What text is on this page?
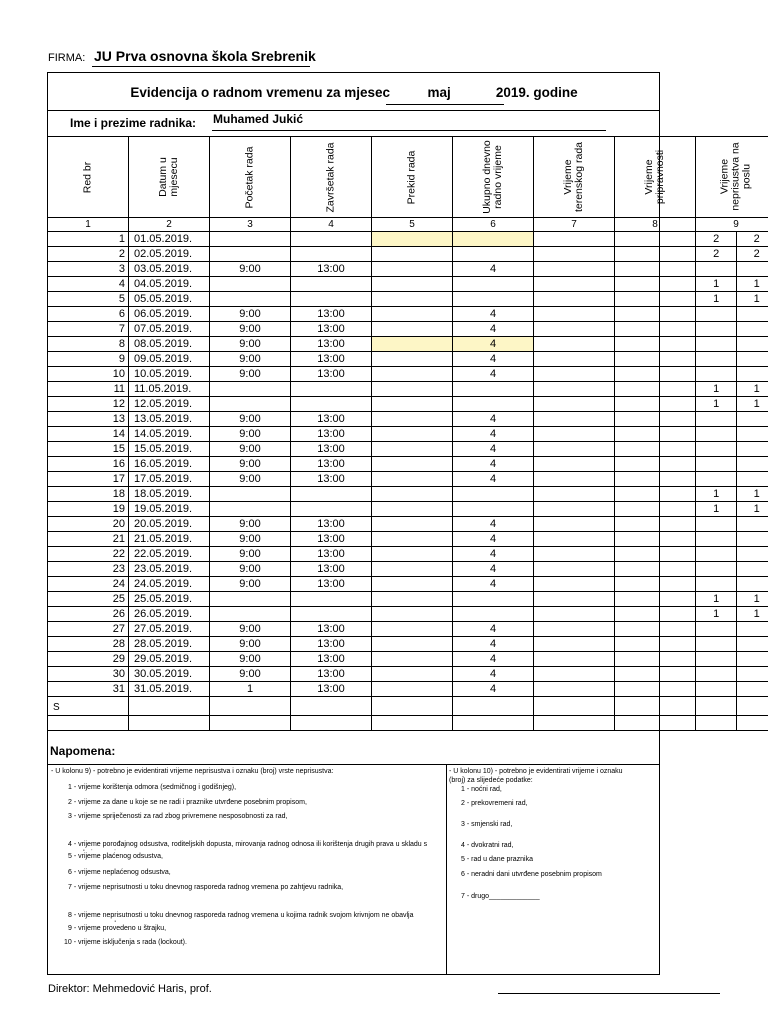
FIRMA: JU Prva osnovna škola Srebrenik
Evidencija o radnom vremenu za mjesec	maj	2019. godine
Ime i prezime radnika: Muhamed Jukić
Red br	Datum u mjesecu	Početak rada	Završetak rada	Prekid rada	Ukupno dnevno radno vrijeme	Vrijeme terenskog rada	Vrijeme pripravnosti	Vrijeme neprisustva na poslu		
1	2	3	4	5	6	7	8	9		
1	01.05.2019.							2	2			
2	02.05.2019.							2	2			
3	03.05.2019.	9:00	13:00		4							
4	04.05.2019.							1	1			
5	05.05.2019.							1	1			
6	06.05.2019.	9:00	13:00		4							
7	07.05.2019.	9:00	13:00		4							
8	08.05.2019.	9:00	13:00		4							
9	09.05.2019.	9:00	13:00		4							
10	10.05.2019.	9:00	13:00		4							
11	11.05.2019.							1	1			
12	12.05.2019.							1	1			
13	13.05.2019.	9:00	13:00		4							
14	14.05.2019.	9:00	13:00		4							
15	15.05.2019.	9:00	13:00		4							
16	16.05.2019.	9:00	13:00		4							
17	17.05.2019.	9:00	13:00		4							
18	18.05.2019.							1	1			
19	19.05.2019.							1	1			
20	20.05.2019.	9:00	13:00		4							
21	21.05.2019.	9:00	13:00		4							
22	22.05.2019.	9:00	13:00		4							
23	23.05.2019.	9:00	13:00		4							
24	24.05.2019.	9:00	13:00		4							
25	25.05.2019.							1	1			
26	26.05.2019.							1	1			
27	27.05.2019.	9:00	13:00		4							
28	28.05.2019.	9:00	13:00		4							
29	29.05.2019.	9:00	13:00		4							
30	30.05.2019.	9:00	13:00		4							
31	31.05.2019.	1	13:00		4							
S												

Napomena:
- U kolonu 9) - potrebno je evidentirati vrijeme neprisustva i oznaku (broj) vrste neprisustva:
1 - vrijeme korištenja odmora (sedmičnog i godišnjeg),
2 - vrijeme za dane u koje se ne radi i praznike utvrđene posebnim propisom,
3 - vrijeme spriječenosti za rad zbog privremene nesposobnosti za rad,
4 - vrijeme porođajnog odsustva, roditeljskih dopusta, mirovanja radnog odnosa ili korištenja drugih prava u skladu s
5 - vrijeme plaćenog odsustva,
6 - vrijeme neplaćenog odsustva,
7 - vrijeme neprisutnosti u toku dnevnog rasporeda radnog vremena po zahtjevu radnika,
8 - vrijeme neprisutnosti u toku dnevnog rasporeda radnog vremena u kojima radnik svojom krivnjom ne obavlja
9 - vrijeme provedeno u štrajku,
10 - vrijeme isključenja s rada (lockout).
- U kolonu 10) - potrebno je evidentirati vrijeme i oznaku
(broj) za slijedeće podatke:
1 - noćni rad,
2 - prekovremeni rad,
3 - smjenski rad,
4 - dvokratni rad,
5 - rad u dane praznika
6 - neradni dani utvrđene posebnim propisom
7 - drugo_____________
Direktor: Mehmedović Haris, prof.
